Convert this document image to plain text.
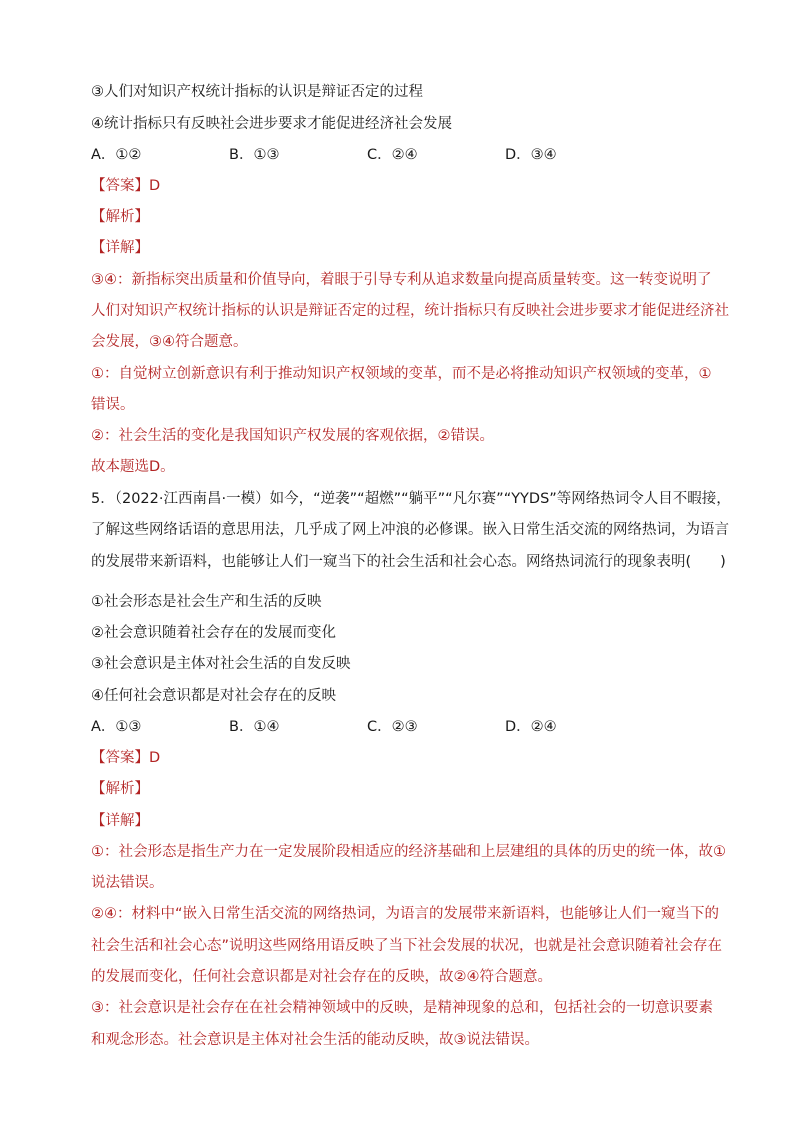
③人们对知识产权统计指标的认识是辩证否定的过程
④统计指标只有反映社会进步要求才能促进经济社会发展
A．①②	B．①③	C．②④	D．③④
【答案】D
【解析】
【详解】
③④：新指标突出质量和价值导向，着眼于引导专利从追求数量向提高质量转变。这一转变说明了
人们对知识产权统计指标的认识是辩证否定的过程，统计指标只有反映社会进步要求才能促进经济社
会发展，③④符合题意。
①：自觉树立创新意识有利于推动知识产权领域的变革，而不是必将推动知识产权领域的变革，①
错误。
②：社会生活的变化是我国知识产权发展的客观依据，②错误。
故本题选D。
5．（2022·江西南昌·一模）如今，“逆袭”“超燃”“躺平”“凡尔赛”“YYDS”等网络热词令人目不暇接，
了解这些网络话语的意思用法，几乎成了网上冲浪的必修课。嵌入日常生活交流的网络热词，为语言
的发展带来新语料，也能够让人们一窥当下的社会生活和社会心态。网络热词流行的现象表明(　　)
①社会形态是社会生产和生活的反映
②社会意识随着社会存在的发展而变化
③社会意识是主体对社会生活的自发反映
④任何社会意识都是对社会存在的反映
A．①③	B．①④	C．②③	D．②④
【答案】D
【解析】
【详解】
①：社会形态是指生产力在一定发展阶段相适应的经济基础和上层建组的具体的历史的统一体，故①
说法错误。
②④：材料中“嵌入日常生活交流的网络热词，为语言的发展带来新语料，也能够让人们一窥当下的
社会生活和社会心态”说明这些网络用语反映了当下社会发展的状况，也就是社会意识随着社会存在
的发展而变化，任何社会意识都是对社会存在的反映，故②④符合题意。
③：社会意识是社会存在在社会精神领域中的反映，是精神现象的总和，包括社会的一切意识要素
和观念形态。社会意识是主体对社会生活的能动反映，故③说法错误。
